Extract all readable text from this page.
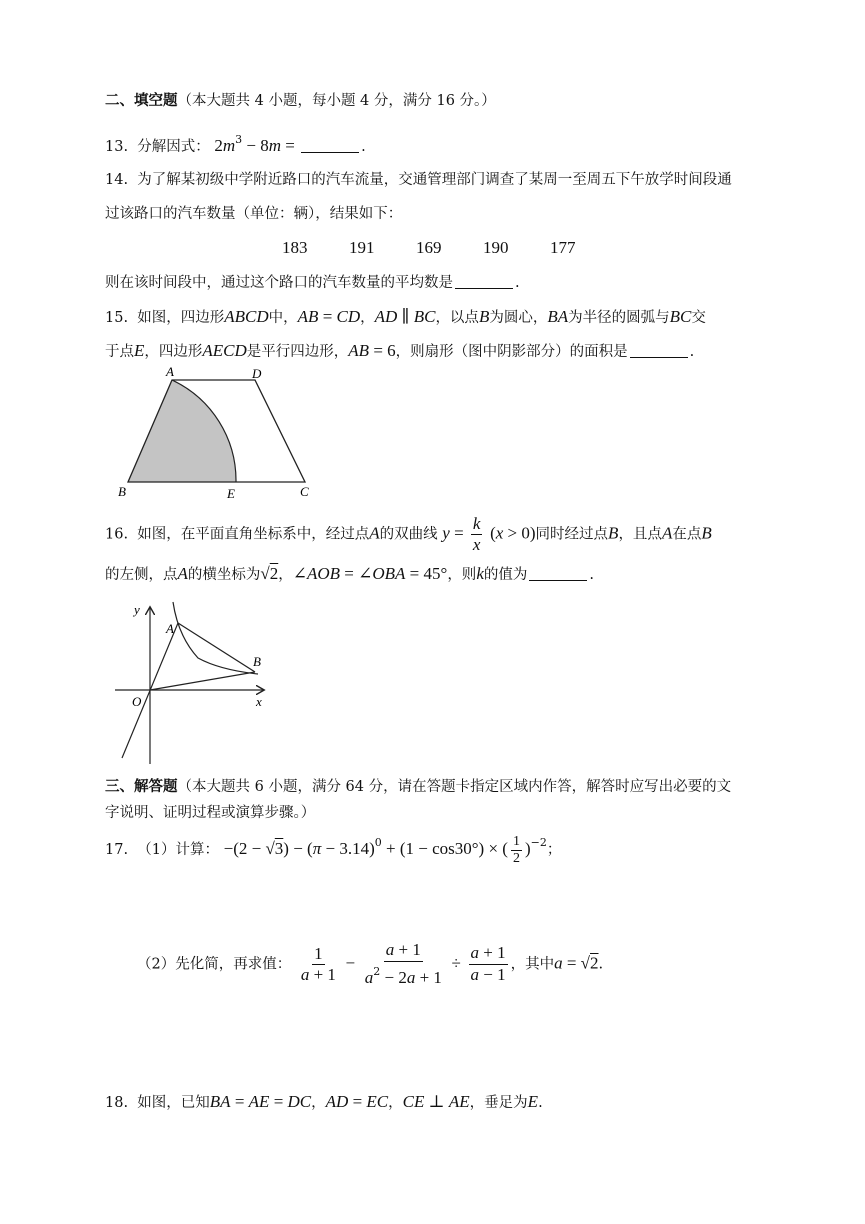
二、填空题（本大题共 4 小题，每小题 4 分，满分 16 分。）
13. 分解因式： $2m^3 - 8m$ =	.
14. 为了解某初级中学附近路口的汽车流量，交通管理部门调查了某周一至周五下午放学时间段通
过该路口的汽车数量（单位：辆），结果如下：
183 191 169 190 177
则在该时间段中，通过这个路口的汽车数量的平均数是	.
15. 如图，四边形ABCD中，AB = CD，AD ∥ BC，以点B为圆心，BA为半径的圆弧与BC交
于点E，四边形AECD是平行四边形，AB = 6，则扇形（图中阴影部分）的面积是	.
A	D
B	E	C
16. 如图，在平面直角坐标系中，经过点A的双曲线 $y = \frac{k}{x} (x > 0)$同时经过点B，且点A在点B
的左侧，点A的横坐标为√2，∠AOB = ∠OBA = 45°，则k的值为	.
y
A
B
O	x
三、解答题（本大题共 6 小题，满分 64 分，请在答题卡指定区域内作答，解答时应写出必要的文
字说明、证明过程或演算步骤。）
17. （1）计算： $-(2 - √3) - (\pi - 3.14)^0 + (1 - \cos 30^\circ)$ × ( $\frac{1}{2} )^{-2}$；
（2）先化简，再求值： $\frac{1}{a + 1} - \frac{a + 1}{a^2 - 2a + 1} \div \frac{a + 1}{a - 1}$ ，其中a = √2.
18. 如图，已知BA = AE = DC，AD = EC，CE ⊥ AE，垂足为E.
